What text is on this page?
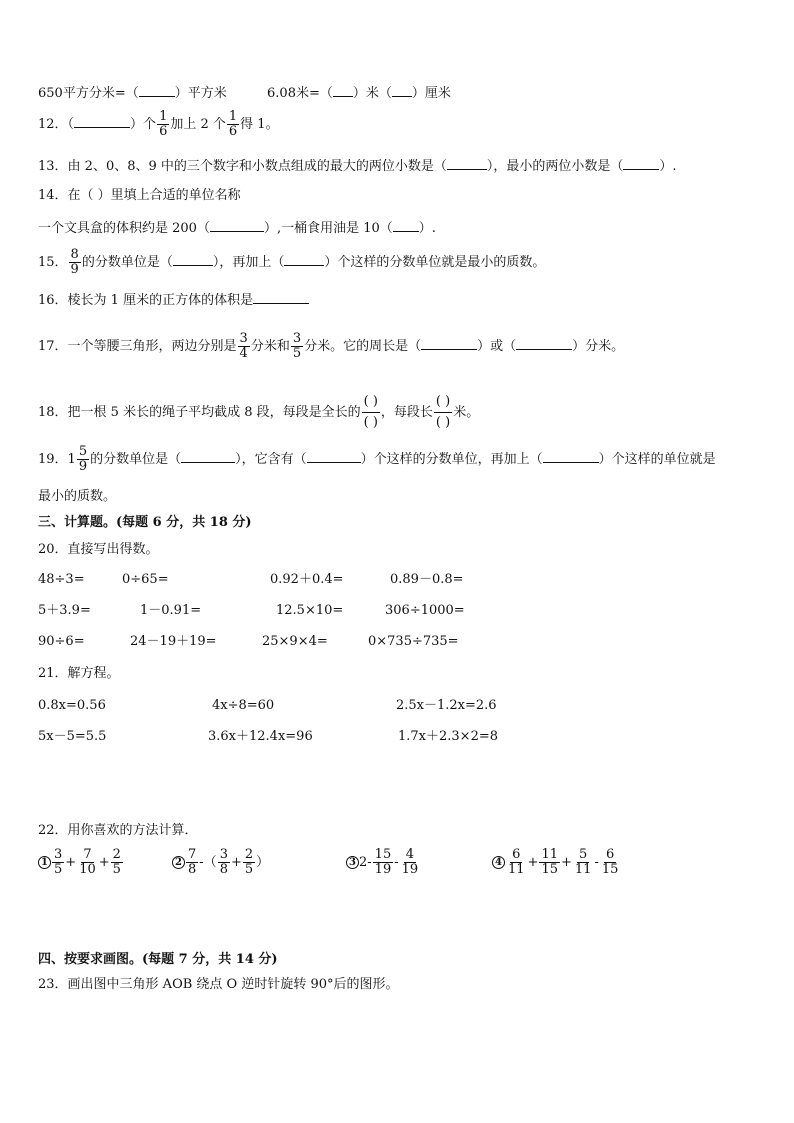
650平方分米=（	）平方米	6.08米=（ ）米（ ）厘米
12．（	）个 $\frac{1}{6}$ 加上 2 个 $\frac{1}{6}$ 得 1。
13．由 2、0、8、9 中的三个数字和小数点组成的最大的两位小数是（	），最小的两位小数是（	）.
14．在（ ）里填上合适的单位名称
一个文具盒的体积约是 200（	）,一桶食用油是 10（ ）.
15． $\frac{8}{9}$ 的分数单位是（	），再加上（	）个这样的分数单位就是最小的质数。
16．棱长为 1 厘米的正方体的体积是
17．一个等腰三角形，两边分别是 $\frac{3}{4}$ 分米和 $\frac{3}{5}$ 分米。它的周长是（	）或（	）分米。
18．把一根 5 米长的绳子平均截成 8 段，每段是全长的 $\frac{( )}{( )}$ ，每段长 $\frac{( )}{( )}$ 米。
19． $1 \frac{5}{9}$ 的分数单位是（	），它含有（	）个这样的分数单位，再加上（	）个这样的单位就是
最小的质数。
三、计算题。(每题 6 分，共 18 分)
20．直接写出得数。
48÷3=	0÷65=	0.92＋0.4=	0.89－0.8=
5＋3.9=	1－0.91=	12.5×10=	306÷1000=
90÷6=	24－19＋19=	25×9×4=	0×735÷735=
21．解方程。
0.8x=0.56	4x÷8=60	2.5x－1.2x=2.6
5x－5=5.5	3.6x＋12.4x=96	1.7x＋2.3×2=8
22．用你喜欢的方法计算．
$1 \frac{3}{5} + \frac{7}{10} + \frac{2}{5}$	$2 \frac{7}{8}$ -（ $\frac{3}{8} + \frac{2}{5}$ ）	3 $2- \frac{15}{19} - \frac{4}{19}$	$4 \frac{6}{11} + \frac{11}{15} + \frac{5}{11} - \frac{6}{15}$
四、按要求画图。(每题 7 分，共 14 分)
23．画出图中三角形 AOB 绕点 O 逆时针旋转 90°后的图形。
